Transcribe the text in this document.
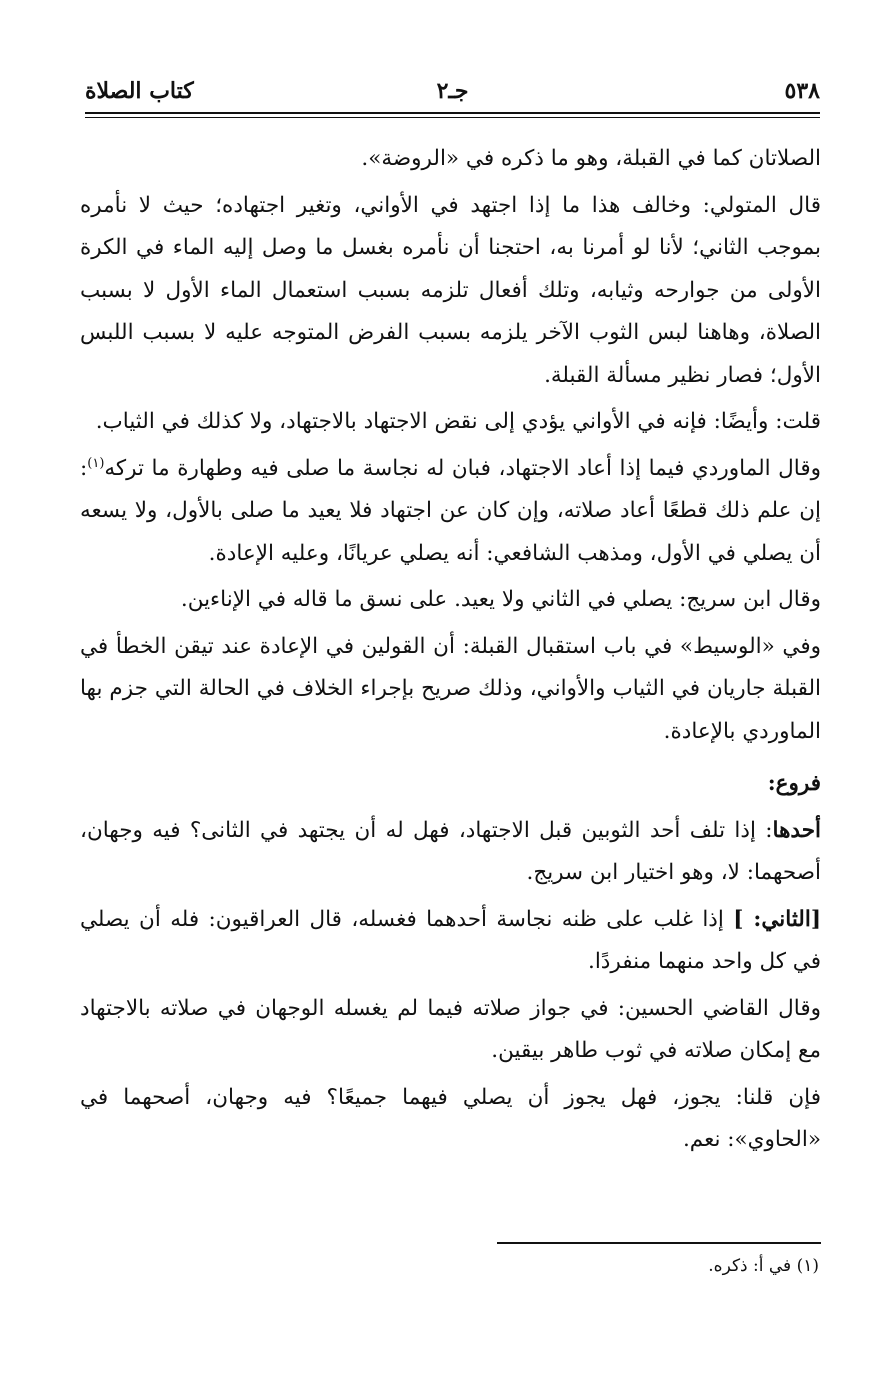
٥٣٨
جـ٢
كتاب الصلاة

الصلاتان كما في القبلة، وهو ما ذكره في «الروضة».

قال المتولي: وخالف هذا ما إذا اجتهد في الأواني، وتغير اجتهاده؛ حيث لا نأمره بموجب الثاني؛ لأنا لو أمرنا به، احتجنا أن نأمره بغسل ما وصل إليه الماء في الكرة الأولى من جوارحه وثيابه، وتلك أفعال تلزمه بسبب استعمال الماء الأول لا بسبب الصلاة، وهاهنا لبس الثوب الآخر يلزمه بسبب الفرض المتوجه عليه لا بسبب اللبس الأول؛ فصار نظير مسألة القبلة.

قلت: وأيضًا: فإنه في الأواني يؤدي إلى نقض الاجتهاد بالاجتهاد، ولا كذلك في الثياب.

وقال الماوردي فيما إذا أعاد الاجتهاد، فبان له نجاسة ما صلى فيه وطهارة ما تركه$^{(١)}$: إن علم ذلك قطعًا أعاد صلاته، وإن كان عن اجتهاد فلا يعيد ما صلى بالأول، ولا يسعه أن يصلي في الأول، ومذهب الشافعي: أنه يصلي عريانًا، وعليه الإعادة.

وقال ابن سريج: يصلي في الثاني ولا يعيد. على نسق ما قاله في الإناءين.

وفي «الوسيط» في باب استقبال القبلة: أن القولين في الإعادة عند تيقن الخطأ في القبلة جاريان في الثياب والأواني، وذلك صريح بإجراء الخلاف في الحالة التي جزم بها الماوردي بالإعادة.

فروع:

أحدها: إذا تلف أحد الثوبين قبل الاجتهاد، فهل له أن يجتهد في الثانى؟ فيه وجهان، أصحهما: لا، وهو اختيار ابن سريج.

[الثاني: ] إذا غلب على ظنه نجاسة أحدهما فغسله، قال العراقيون: فله أن يصلي في كل واحد منهما منفردًا.

وقال القاضي الحسين: في جواز صلاته فيما لم يغسله الوجهان في صلاته بالاجتهاد مع إمكان صلاته في ثوب طاهر بيقين.

فإن قلنا: يجوز، فهل يجوز أن يصلي فيهما جميعًا؟ فيه وجهان، أصحهما في «الحاوي»: نعم.

(١) في أ: ذكره.
